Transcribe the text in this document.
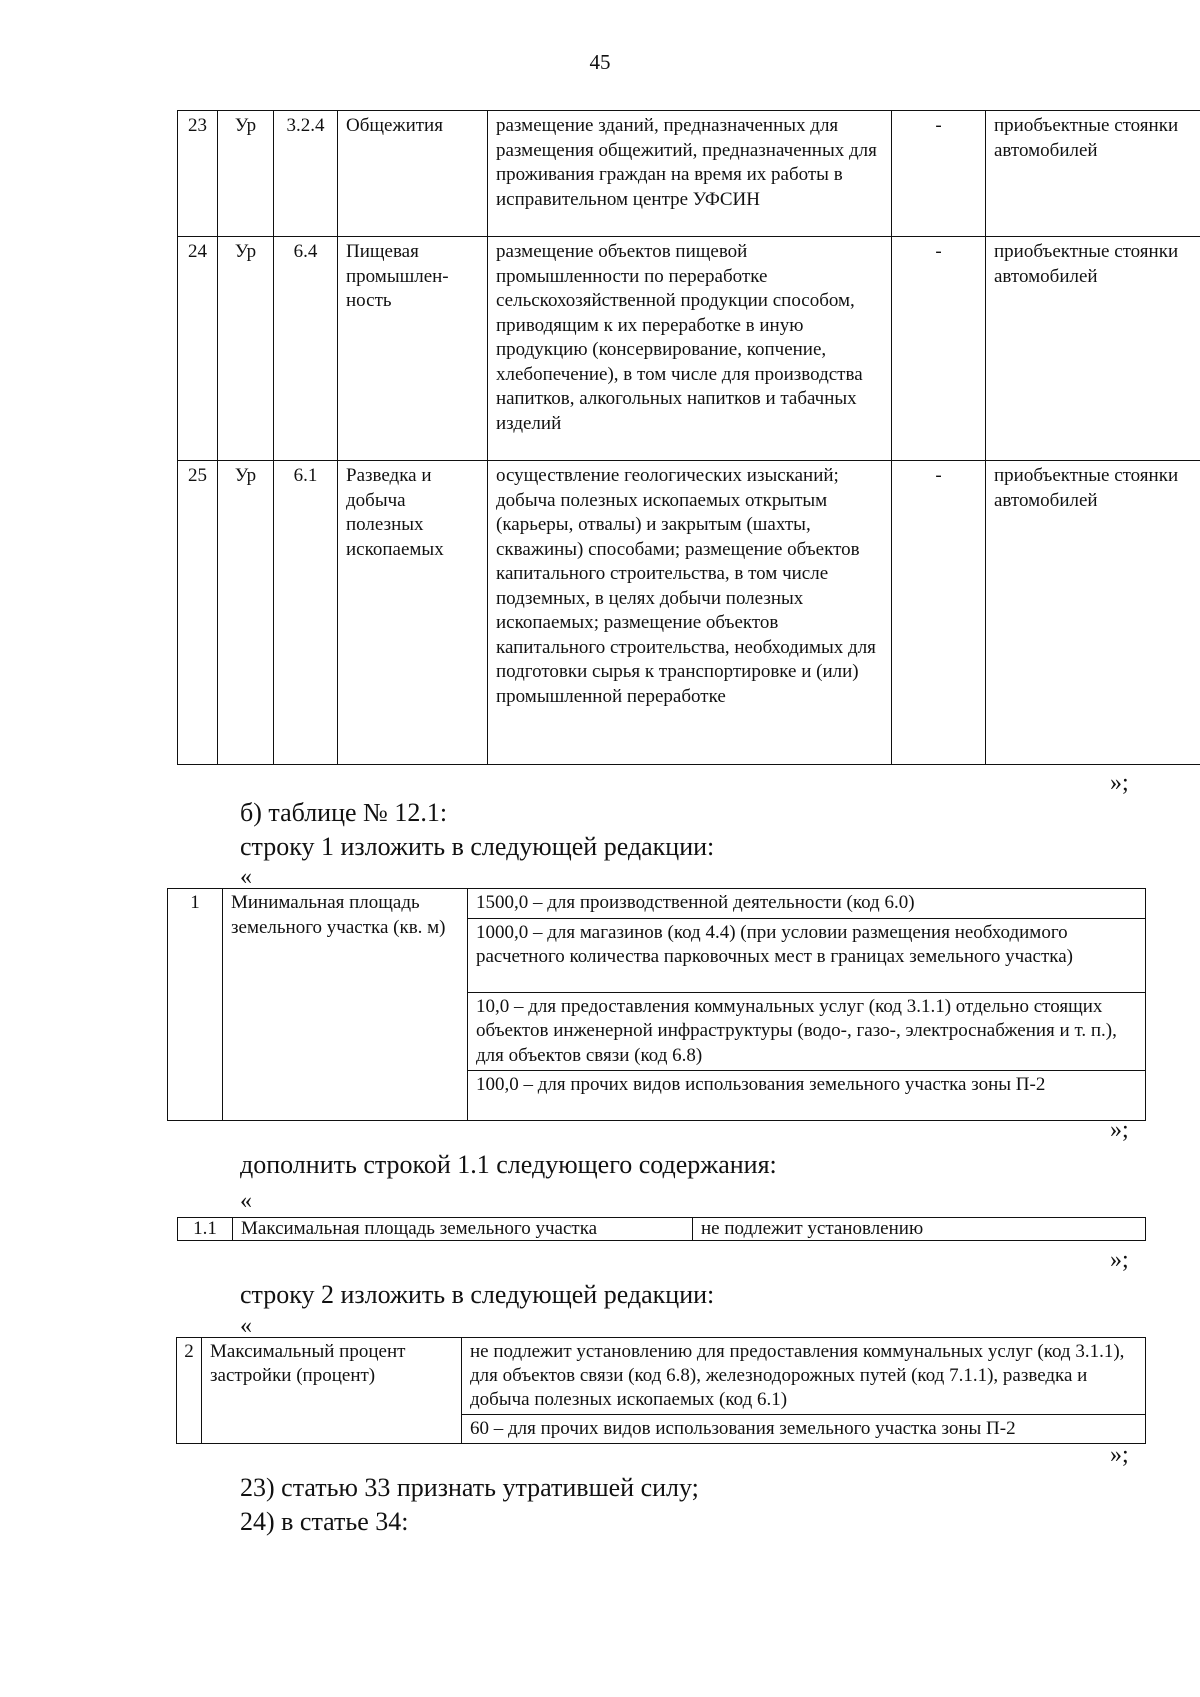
45
23	Ур	3.2.4	Общежития	размещение зданий, предназначенных для размещения общежитий, предназначенных для проживания граждан на время их работы в исправительном центре УФСИН	-	приобъектные стоянки автомобилей
24	Ур	6.4	Пищевая промышлен-ность	размещение объектов пищевой промышленности по переработке сельскохозяйственной продукции способом, приводящим к их переработке в иную продукцию (консервирование, копчение, хлебопечение), в том числе для производства напитков, алкогольных напитков и табачных изделий	-	приобъектные стоянки автомобилей
25	Ур	6.1	Разведка и добыча полезных ископаемых	осуществление геологических изысканий; добыча полезных ископаемых открытым (карьеры, отвалы) и закрытым (шахты, скважины) способами; размещение объектов капитального строительства, в том числе подземных, в целях добычи полезных ископаемых; размещение объектов капитального строительства, необходимых для подготовки сырья к транспортировке и (или) промышленной переработке	-	приобъектные стоянки автомобилей
»;
б) таблице № 12.1:
строку 1 изложить в следующей редакции:
«
1	Минимальная площадь земельного участка (кв. м)	1500,0 – для производственной деятельности (код 6.0)
1000,0 – для магазинов (код 4.4) (при условии размещения необходимого расчетного количества парковочных мест в границах земельного участка)
10,0 – для предоставления коммунальных услуг (код 3.1.1) отдельно стоящих объектов инженерной инфраструктуры (водо-, газо-, электроснабжения и т. п.), для объектов связи (код 6.8)
100,0 – для прочих видов использования земельного участка зоны П-2
»;
дополнить строкой 1.1 следующего содержания:
«
1.1	Максимальная площадь земельного участка	не подлежит установлению
»;
строку 2 изложить в следующей редакции:
«
2	Максимальный процент застройки (процент)	не подлежит установлению для предоставления коммунальных услуг (код 3.1.1), для объектов связи (код 6.8), железнодорожных путей (код 7.1.1), разведка и добыча полезных ископаемых (код 6.1)
60 – для прочих видов использования земельного участка зоны П-2
»;
23) статью 33 признать утратившей силу;
24) в статье 34:
